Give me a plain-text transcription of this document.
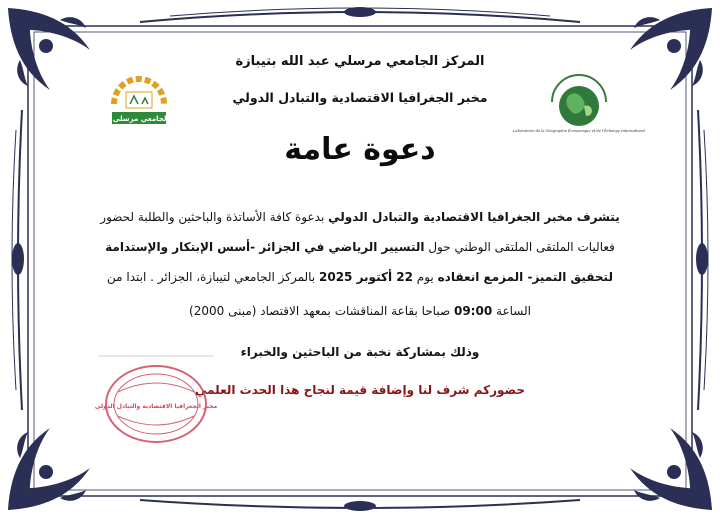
Laboratoire de la Géographie Économique et de l'Échange International
المركز الجامعي مرسلي عبد الله
المركز الجامعي مرسلي عبد الله بتيبازة
مخبر الجغرافيا الاقتصادية والتبادل الدولي
دعوة عامة
يتشرف مخبر الجغرافيا الاقتصادية والتبادل الدولي بدعوة كافة الأساتذة والباحثين والطلبة لحضور
فعاليات الملتقى الملتقى الوطني حول التسيير الرياضي في الجزائر -أسس الإبتكار والإستدامة
لتحقيق التميز- المزمع انعقاده يوم 22 أكتوبر 2025 بالمركز الجامعي لتيبازة، الجزائر . ابتدا من
الساعة 09:00 صباحا بقاعة المناقشات بمعهد الاقتصاد (مبنى 2000)
وذلك بمشاركة نخبة من الباحثين والخبراء
حضوركم شرف لنا وإضافة قيمة لنجاح هذا الحدث العلمي
مخبر الجغرافيا الاقتصادية والتبادل الدولي
